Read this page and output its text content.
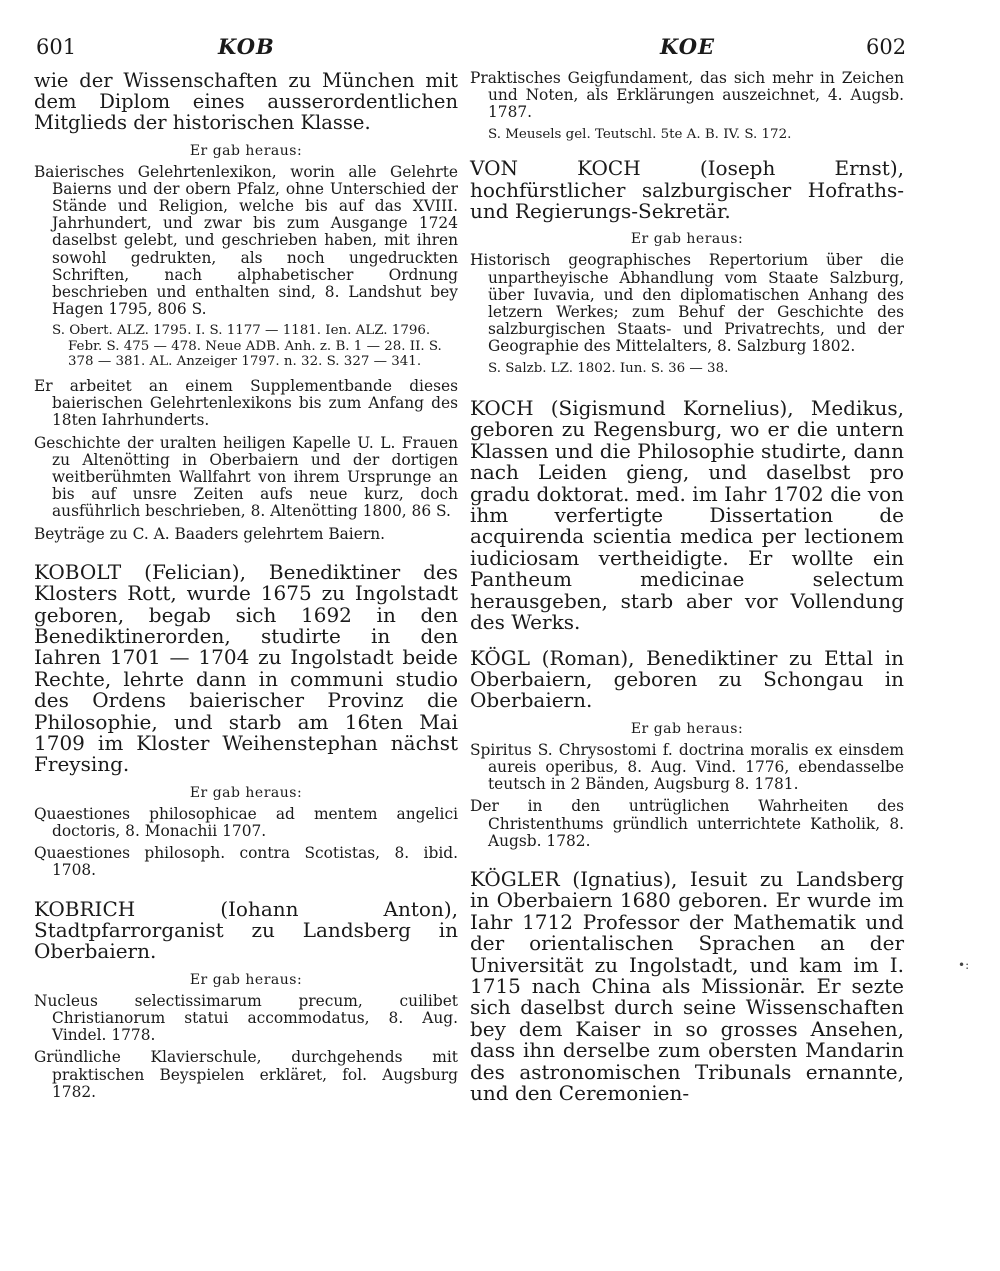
601	KOB	KOE	602

wie der Wissenschaften zu München mit dem Diplom eines ausserordentlichen Mitglieds der historischen Klasse.

Er gab heraus:

Baierisches Gelehrtenlexikon, worin alle Gelehrte Baierns und der obern Pfalz, ohne Unterschied der Stände und Religion, welche bis auf das XVIII. Jahrhundert, und zwar bis zum Ausgange 1724 daselbst gelebt, und geschrieben haben, mit ihren sowohl gedrukten, als noch ungedruckten Schriften, nach alphabetischer Ordnung beschrieben und enthalten sind, 8. Landshut bey Hagen 1795, 806 S.

S. Obert. ALZ. 1795. I. S. 1177 — 1181. Ien. ALZ. 1796. Febr. S. 475 — 478. Neue ADB. Anh. z. B. 1 — 28. II. S. 378 — 381. AL. Anzeiger 1797. n. 32. S. 327 — 341.

Er arbeitet an einem Supplementbande dieses baierischen Gelehrtenlexikons bis zum Anfang des 18ten Iahrhunderts.

Geschichte der uralten heiligen Kapelle U. L. Frauen zu Altenötting in Oberbaiern und der dortigen weitberühmten Wallfahrt von ihrem Ursprunge an bis auf unsre Zeiten aufs neue kurz, doch ausführlich beschrieben, 8. Altenötting 1800, 86 S.

Beyträge zu C. A. Baaders gelehrtem Baiern.

KOBOLT (Felician), Benediktiner des Klosters Rott, wurde 1675 zu Ingolstadt geboren, begab sich 1692 in den Benediktinerorden, studirte in den Iahren 1701 — 1704 zu Ingolstadt beide Rechte, lehrte dann in communi studio des Ordens baierischer Provinz die Philosophie, und starb am 16ten Mai 1709 im Kloster Weihenstephan nächst Freysing.

Er gab heraus:

Quaestiones philosophicae ad mentem angelici doctoris, 8. Monachii 1707.

Quaestiones philosoph. contra Scotistas, 8. ibid. 1708.

KOBRICH (Iohann Anton), Stadtpfarrorganist zu Landsberg in Oberbaiern.

Er gab heraus:

Nucleus selectissimarum precum, cuilibet Christianorum statui accommodatus, 8. Aug. Vindel. 1778.

Gründliche Klavierschule, durchgehends mit praktischen Beyspielen erkläret, fol. Augsburg 1782.

Praktisches Geigfundament, das sich mehr in Zeichen und Noten, als Erklärungen auszeichnet, 4. Augsb. 1787.

S. Meusels gel. Teutschl. 5te A. B. IV. S. 172.

VON KOCH (Ioseph Ernst), hochfürstlicher salzburgischer Hofraths- und Regierungs-Sekretär.

Er gab heraus:

Historisch geographisches Repertorium über die unpartheyische Abhandlung vom Staate Salzburg, über Iuvavia, und den diplomatischen Anhang des letzern Werkes; zum Behuf der Geschichte des salzburgischen Staats- und Privatrechts, und der Geographie des Mittelalters, 8. Salzburg 1802.

S. Salzb. LZ. 1802. Iun. S. 36 — 38.

KOCH (Sigismund Kornelius), Medikus, geboren zu Regensburg, wo er die untern Klassen und die Philosophie studirte, dann nach Leiden gieng, und daselbst pro gradu doktorat. med. im Iahr 1702 die von ihm verfertigte Dissertation de acquirenda scientia medica per lectionem iudiciosam vertheidigte. Er wollte ein Pantheum medicinae selectum herausgeben, starb aber vor Vollendung des Werks.

KÖGL (Roman), Benediktiner zu Ettal in Oberbaiern, geboren zu Schongau in Oberbaiern.

Er gab heraus:

Spiritus S. Chrysostomi f. doctrina moralis ex einsdem aureis operibus, 8. Aug. Vind. 1776, ebendasselbe teutsch in 2 Bänden, Augsburg 8. 1781.

Der in den untrüglichen Wahrheiten des Christenthums gründlich unterrichtete Katholik, 8. Augsb. 1782.

KÖGLER (Ignatius), Iesuit zu Landsberg in Oberbaiern 1680 geboren. Er wurde im Iahr 1712 Professor der Mathematik und der orientalischen Sprachen an der Universität zu Ingolstadt, und kam im I. 1715 nach China als Missionär. Er sezte sich daselbst durch seine Wissenschaften bey dem Kaiser in so grosses Ansehen, dass ihn derselbe zum obersten Mandarin des astronomischen Tribunals ernannte, und den Ceremonien-

•:
